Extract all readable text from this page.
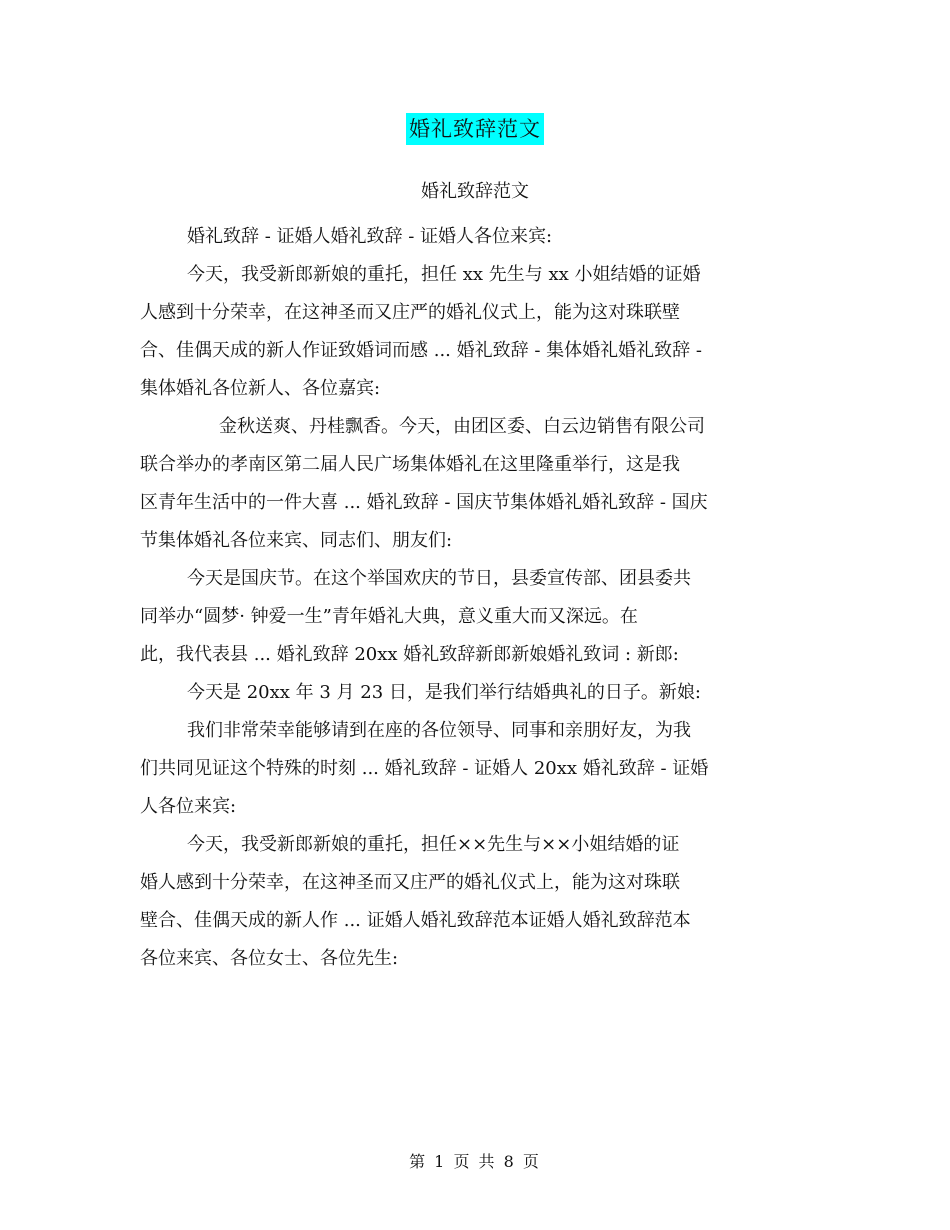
婚礼致辞范文
婚礼致辞范文
婚礼致辞 - 证婚人婚礼致辞 - 证婚人各位来宾:
今天，我受新郎新娘的重托，担任 xx 先生与 xx 小姐结婚的证婚
人感到十分荣幸，在这神圣而又庄严的婚礼仪式上，能为这对珠联壁
合、佳偶天成的新人作证致婚词而感 ... 婚礼致辞 - 集体婚礼婚礼致辞 -
集体婚礼各位新人、各位嘉宾:
金秋送爽、丹桂飘香。今天，由团区委、白云边销售有限公司
联合举办的孝南区第二届人民广场集体婚礼在这里隆重举行，这是我
区青年生活中的一件大喜 ... 婚礼致辞 - 国庆节集体婚礼婚礼致辞 - 国庆
节集体婚礼各位来宾、同志们、朋友们:
今天是国庆节。在这个举国欢庆的节日，县委宣传部、团县委共
同举办“圆梦· 钟爱一生”青年婚礼大典，意义重大而又深远。在
此，我代表县 ... 婚礼致辞 20xx 婚礼致辞新郎新娘婚礼致词 : 新郎:
今天是 20xx 年 3 月 23 日，是我们举行结婚典礼的日子。新娘:
我们非常荣幸能够请到在座的各位领导、同事和亲朋好友，为我
们共同见证这个特殊的时刻 ... 婚礼致辞 - 证婚人 20xx 婚礼致辞 - 证婚
人各位来宾:
今天，我受新郎新娘的重托，担任××先生与××小姐结婚的证
婚人感到十分荣幸，在这神圣而又庄严的婚礼仪式上，能为这对珠联
壁合、佳偶天成的新人作 ... 证婚人婚礼致辞范本证婚人婚礼致辞范本
各位来宾、各位女士、各位先生:
第 1 页 共 8 页
